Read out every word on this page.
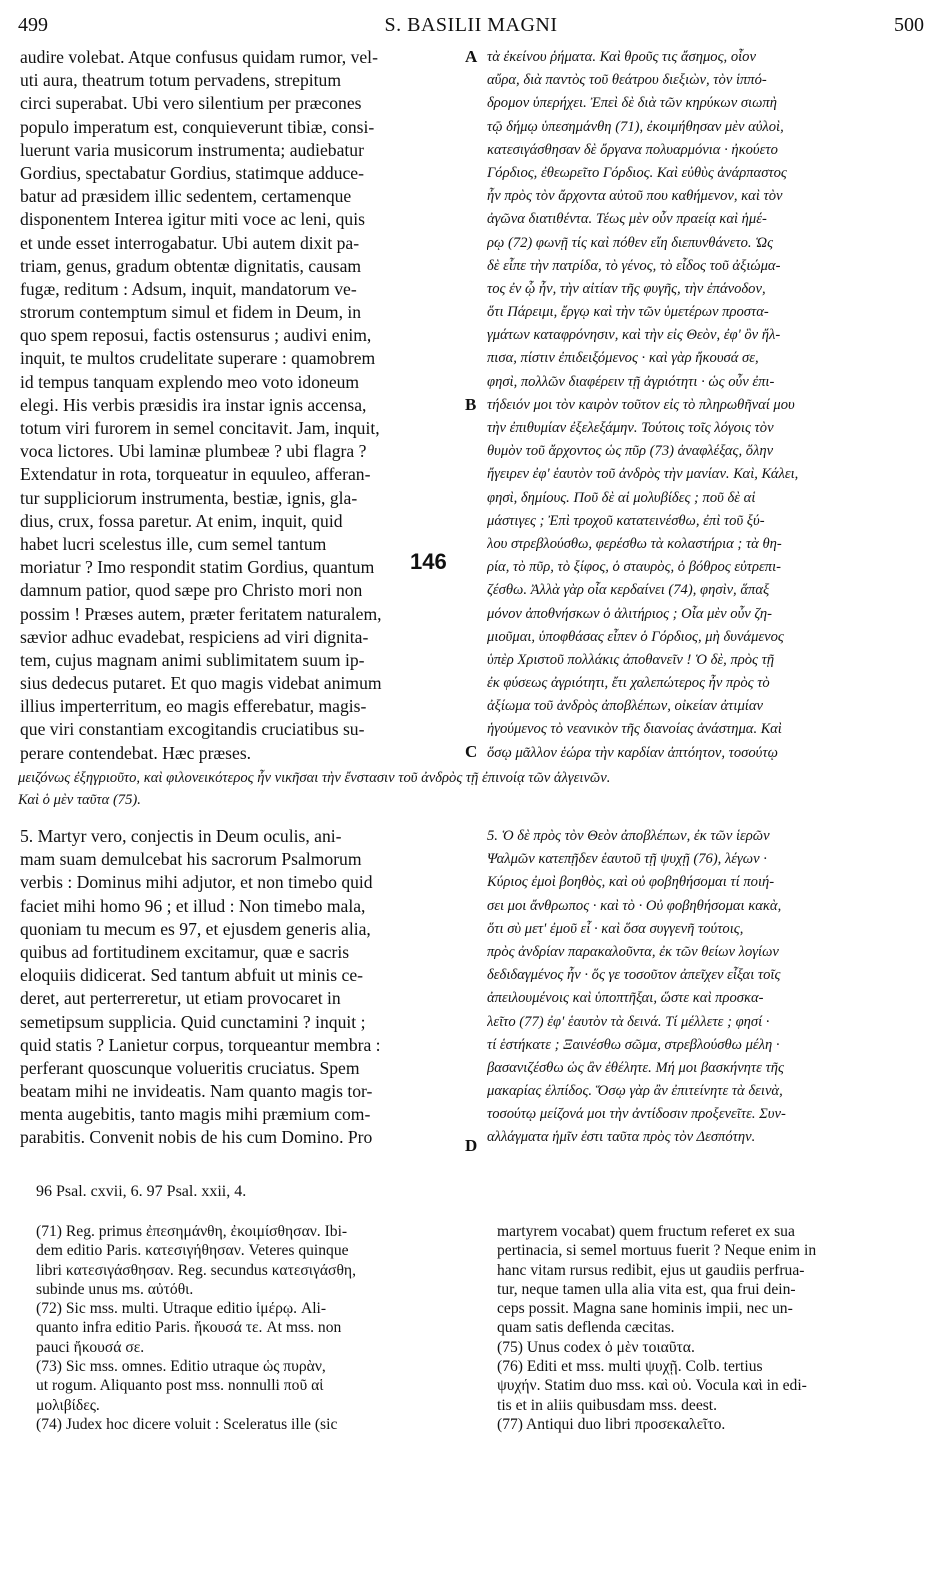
499	S. BASILII MAGNI	500
audire volebat. Atque confusus quidam rumor, vel-
uti aura, theatrum totum pervadens, strepitum
circi superabat. Ubi vero silentium per præcones
populo imperatum est, conquieverunt tibiæ, consi-
luerunt varia musicorum instrumenta; audiebatur
Gordius, spectabatur Gordius, statimque adduce-
batur ad præsidem illic sedentem, certamenque
disponentem Interea igitur miti voce ac leni, quis
et unde esset interrogabatur. Ubi autem dixit pa-
triam, genus, gradum obtentæ dignitatis, causam
fugæ, reditum : Adsum, inquit, mandatorum ve-
strorum contemptum simul et fidem in Deum, in
quo spem reposui, factis ostensurus ; audivi enim,
inquit, te multos crudelitate superare : quamobrem
id tempus tanquam explendo meo voto idoneum
elegi. His verbis præsidis ira instar ignis accensa,
totum viri furorem in semel concitavit. Jam, inquit,
voca lictores. Ubi laminæ plumbeæ ? ubi flagra ?
Extendatur in rota, torqueatur in equuleo, afferan-
tur suppliciorum instrumenta, bestiæ, ignis, gla-
dius, crux, fossa paretur. At enim, inquit, quid
habet lucri scelestus ille, cum semel tantum
moriatur ? Imo respondit statim Gordius, quantum
damnum patior, quod sæpe pro Christo mori non
possim ! Præses autem, præter feritatem naturalem,
sævior adhuc evadebat, respiciens ad viri dignita-
tem, cujus magnam animi sublimitatem suum ip-
sius dedecus putaret. Et quo magis videbat animum
illius imperterritum, eo magis efferebatur, magis-
que viri constantiam excogitandis cruciatibus su-
perare contendebat. Hæc præses.
τὰ ἐκείνου ῥήματα. Καὶ θροῦς τις ἄσημος, οἷον
αὔρα, διὰ παντὸς τοῦ θεάτρου διεξιὼν, τὸν ἱππό-
δρομον ὑπερήχει. Ἐπεὶ δὲ διὰ τῶν κηρύκων σιωπὴ
τῷ δήμῳ ὑπεσημάνθη (71), ἐκοιμήθησαν μὲν αὐλοὶ,
κατεσιγάσθησαν δὲ ὄργανα πολυαρμόνια · ἠκούετο
Γόρδιος, ἐθεωρεῖτο Γόρδιος. Καὶ εὐθὺς ἀνάρπαστος
ἦν πρὸς τὸν ἄρχοντα αὐτοῦ που καθήμενον, καὶ τὸν
ἀγῶνα διατιθέντα. Τέως μὲν οὖν πραείᾳ καὶ ἡμέ-
ρῳ (72) φωνῇ τίς καὶ πόθεν εἴη διεπυνθάνετο. Ὡς
δὲ εἶπε τὴν πατρίδα, τὸ γένος, τὸ εἶδος τοῦ ἀξιώμα-
τος ἐν ᾧ ἦν, τὴν αἰτίαν τῆς φυγῆς, τὴν ἐπάνοδον,
ὅτι Πάρειμι, ἔργῳ καὶ τὴν τῶν ὑμετέρων προστα-
γμάτων καταφρόνησιν, καὶ τὴν εἰς Θεὸν, ἐφ' ὃν ἤλ-
πισα, πίστιν ἐπιδειξόμενος · καὶ γὰρ ἤκουσά σε,
φησὶ, πολλῶν διαφέρειν τῇ ἀγριότητι · ὡς οὖν ἐπι-
τήδειόν μοι τὸν καιρὸν τοῦτον εἰς τὸ πληρωθῆναί μου
τὴν ἐπιθυμίαν ἐξελεξάμην. Τούτοις τοῖς λόγοις τὸν
θυμὸν τοῦ ἄρχοντος ὡς πῦρ (73) ἀναφλέξας, ὅλην
ἤγειρεν ἐφ' ἑαυτὸν τοῦ ἀνδρὸς τὴν μανίαν. Καὶ, Κάλει,
φησὶ, δημίους. Ποῦ δὲ αἱ μολυβίδες ; ποῦ δὲ αἱ
μάστιγες ; Ἐπὶ τροχοῦ κατατεινέσθω, ἐπὶ τοῦ ξύ-
λου στρεβλούσθω, φερέσθω τὰ κολαστήρια ; τὰ θη-
ρία, τὸ πῦρ, τὸ ξίφος, ὁ σταυρὸς, ὁ βόθρος εὐτρεπι-
ζέσθω. Ἀλλὰ γὰρ οἷα κερδαίνει (74), φησὶν, ἅπαξ
μόνον ἀποθνήσκων ὁ ἀλιτήριος ; Οἷα μὲν οὖν ζη-
μιοῦμαι, ὑποφθάσας εἶπεν ὁ Γόρδιος, μὴ δυνάμενος
ὑπὲρ Χριστοῦ πολλάκις ἀποθανεῖν ! Ὁ δὲ, πρὸς τῇ
ἐκ φύσεως ἀγριότητι, ἔτι χαλεπώτερος ἦν πρὸς τὸ
ἀξίωμα τοῦ ἀνδρὸς ἀποβλέπων, οἰκείαν ἀτιμίαν
ἡγούμενος τὸ νεανικὸν τῆς διανοίας ἀνάστημα. Καὶ
ὅσῳ μᾶλλον ἑώρα τὴν καρδίαν ἀπτόητον, τοσούτῳ
A
B
C
D
146
μειζόνως ἐξηγριοῦτο, καὶ φιλονεικότερος ἦν νικῆσαι τὴν ἔνστασιν τοῦ ἀνδρὸς τῇ ἐπινοίᾳ τῶν ἀλγεινῶν.
Καὶ ὁ μὲν ταῦτα (75).
5. Martyr vero, conjectis in Deum oculis, ani-
mam suam demulcebat his sacrorum Psalmorum
verbis : Dominus mihi adjutor, et non timebo quid
faciet mihi homo 96 ; et illud : Non timebo mala,
quoniam tu mecum es 97, et ejusdem generis alia,
quibus ad fortitudinem excitamur, quæ e sacris
eloquiis didicerat. Sed tantum abfuit ut minis ce-
deret, aut perterreretur, ut etiam provocaret in
semetipsum supplicia. Quid cunctamini ? inquit ;
quid statis ? Lanietur corpus, torqueantur membra :
perferant quoscunque volueritis cruciatus. Spem
beatam mihi ne invideatis. Nam quanto magis tor-
menta augebitis, tanto magis mihi præmium com-
parabitis. Convenit nobis de his cum Domino. Pro
5. Ὁ δὲ πρὸς τὸν Θεὸν ἀποβλέπων, ἐκ τῶν ἱερῶν
Ψαλμῶν κατεπῇδεν ἑαυτοῦ τῇ ψυχῇ (76), λέγων ·
Κύριος ἐμοὶ βοηθὸς, καὶ οὐ φοβηθήσομαι τί ποιή-
σει μοι ἄνθρωπος · καὶ τὸ · Οὐ φοβηθήσομαι κακὰ,
ὅτι σὺ μετ' ἐμοῦ εἶ · καὶ ὅσα συγγενῆ τούτοις,
πρὸς ἀνδρίαν παρακαλοῦντα, ἐκ τῶν θείων λογίων
δεδιδαγμένος ἦν · ὅς γε τοσοῦτον ἀπεῖχεν εἶξαι τοῖς
ἀπειλουμένοις καὶ ὑποπτῆξαι, ὥστε καὶ προσκα-
λεῖτο (77) ἐφ' ἑαυτὸν τὰ δεινά. Τί μέλλετε ; φησί ·
τί ἑστήκατε ; Ξαινέσθω σῶμα, στρεβλούσθω μέλη ·
βασανιζέσθω ὡς ἂν ἐθέλητε. Μή μοι βασκήνητε τῆς
μακαρίας ἐλπίδος. Ὅσῳ γὰρ ἂν ἐπιτείνητε τὰ δεινὰ,
τοσούτῳ μείζονά μοι τὴν ἀντίδοσιν προξενεῖτε. Συν-
αλλάγματα ἡμῖν ἐστι ταῦτα πρὸς τὸν Δεσπότην.
96 Psal. cxvii, 6. 97 Psal. xxii, 4.
(71) Reg. primus ἐπεσημάνθη, ἐκοιμίσθησαν. Ibi-
dem editio Paris. κατεσιγήθησαν. Veteres quinque
libri κατεσιγάσθησαν. Reg. secundus κατεσιγάσθη,
subinde unus ms. αὐτόθι.
(72) Sic mss. multi. Utraque editio ἱμέρῳ. Ali-
quanto infra editio Paris. ἤκουσά τε. At mss. non
pauci ἤκουσά σε.
(73) Sic mss. omnes. Editio utraque ὡς πυρὰν,
ut rogum. Aliquanto post mss. nonnulli ποῦ αἱ
μολιβίδες.
(74) Judex hoc dicere voluit : Sceleratus ille (sic
martyrem vocabat) quem fructum referet ex sua
pertinacia, si semel mortuus fuerit ? Neque enim in
hanc vitam rursus redibit, ejus ut gaudiis perfrua-
tur, neque tamen ulla alia vita est, qua frui dein-
ceps possit. Magna sane hominis impii, nec un-
quam satis deflenda cæcitas.
(75) Unus codex ὁ μὲν τοιαῦτα.
(76) Editi et mss. multi ψυχῇ. Colb. tertius
ψυχήν. Statim duo mss. καὶ οὐ. Vocula καὶ in edi-
tis et in aliis quibusdam mss. deest.
(77) Antiqui duo libri προσεκαλεῖτο.
